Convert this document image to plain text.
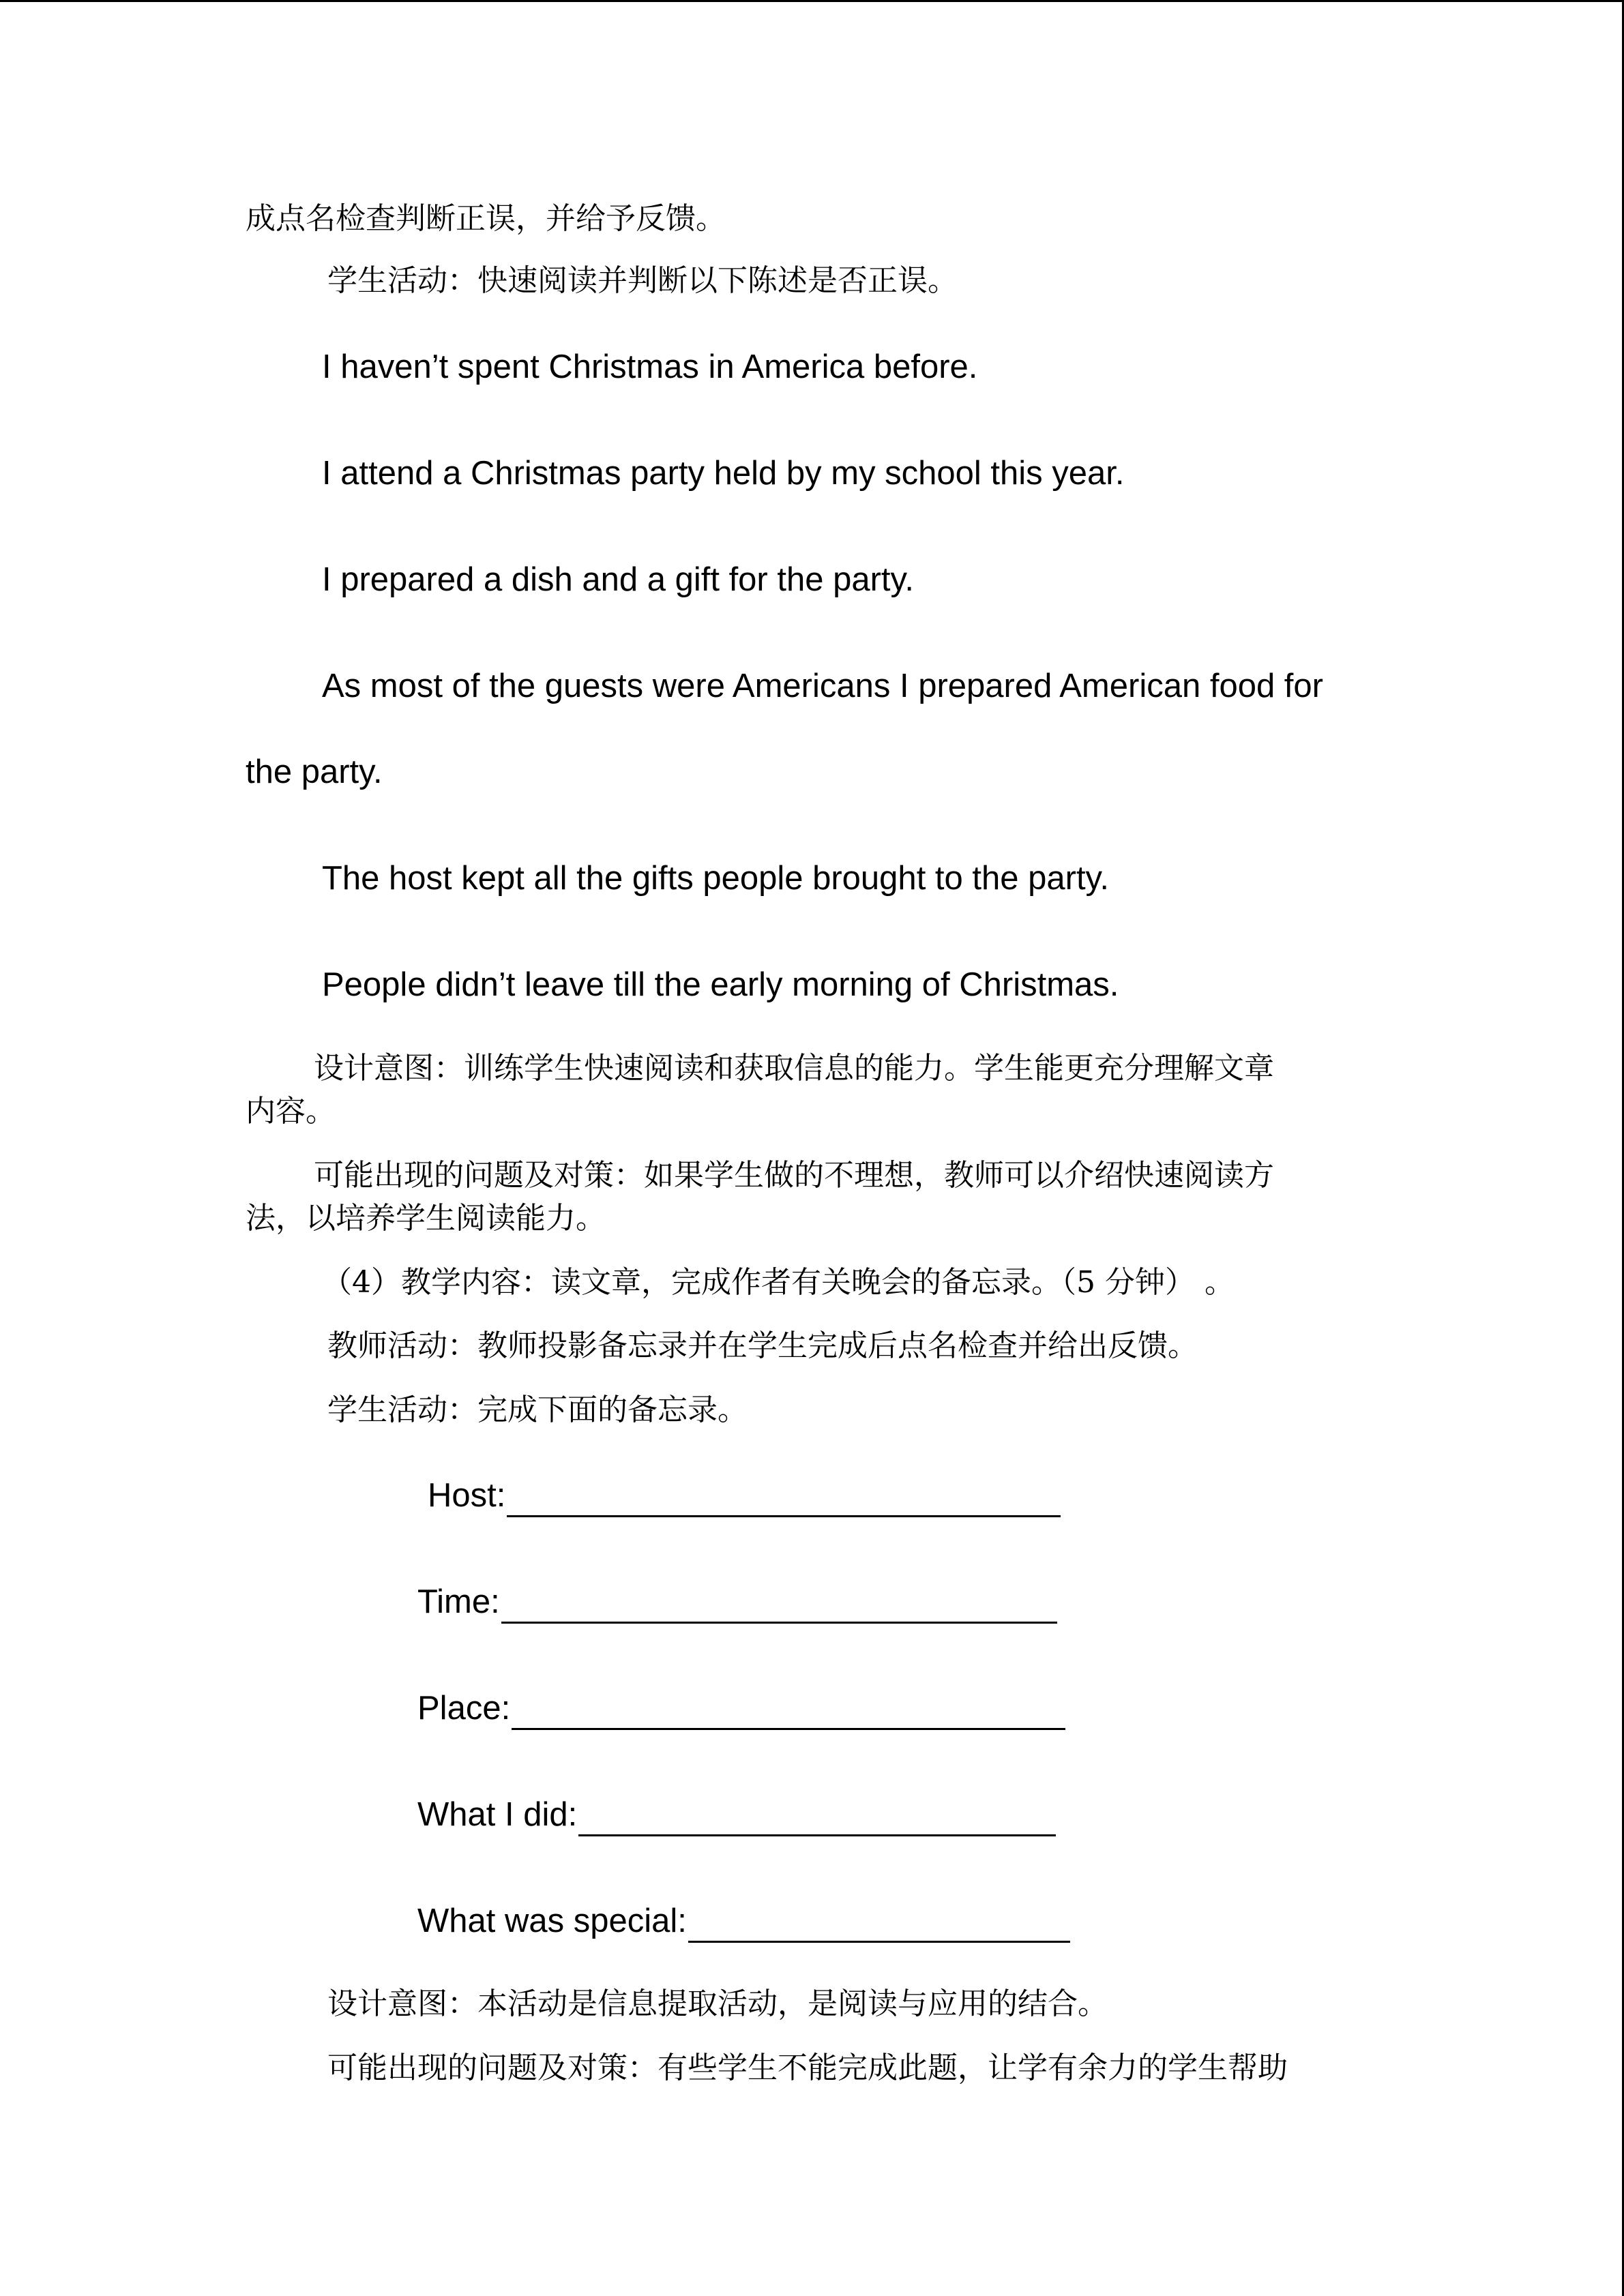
成点名检查判断正误，并给予反馈。

学生活动：快速阅读并判断以下陈述是否正误。

I haven’t spent Christmas in America before.

I attend a Christmas party held by my school this year.

I prepared a dish and a gift for the party.

As most of the guests were Americans I prepared American food for

the party.

The host kept all the gifts people brought to the party.

People didn’t leave till the early morning of Christmas.

设计意图：训练学生快速阅读和获取信息的能力。学生能更充分理解文章

内容。

可能出现的问题及对策：如果学生做的不理想，教师可以介绍快速阅读方

法，以培养学生阅读能力。

（4）教学内容：读文章，完成作者有关晚会的备忘录。（5 分钟） 。

教师活动：教师投影备忘录并在学生完成后点名检查并给出反馈。

学生活动：完成下面的备忘录。

Host:
Time:
Place:
What I did:
What was special:

设计意图：本活动是信息提取活动，是阅读与应用的结合。

可能出现的问题及对策：有些学生不能完成此题，让学有余力的学生帮助
